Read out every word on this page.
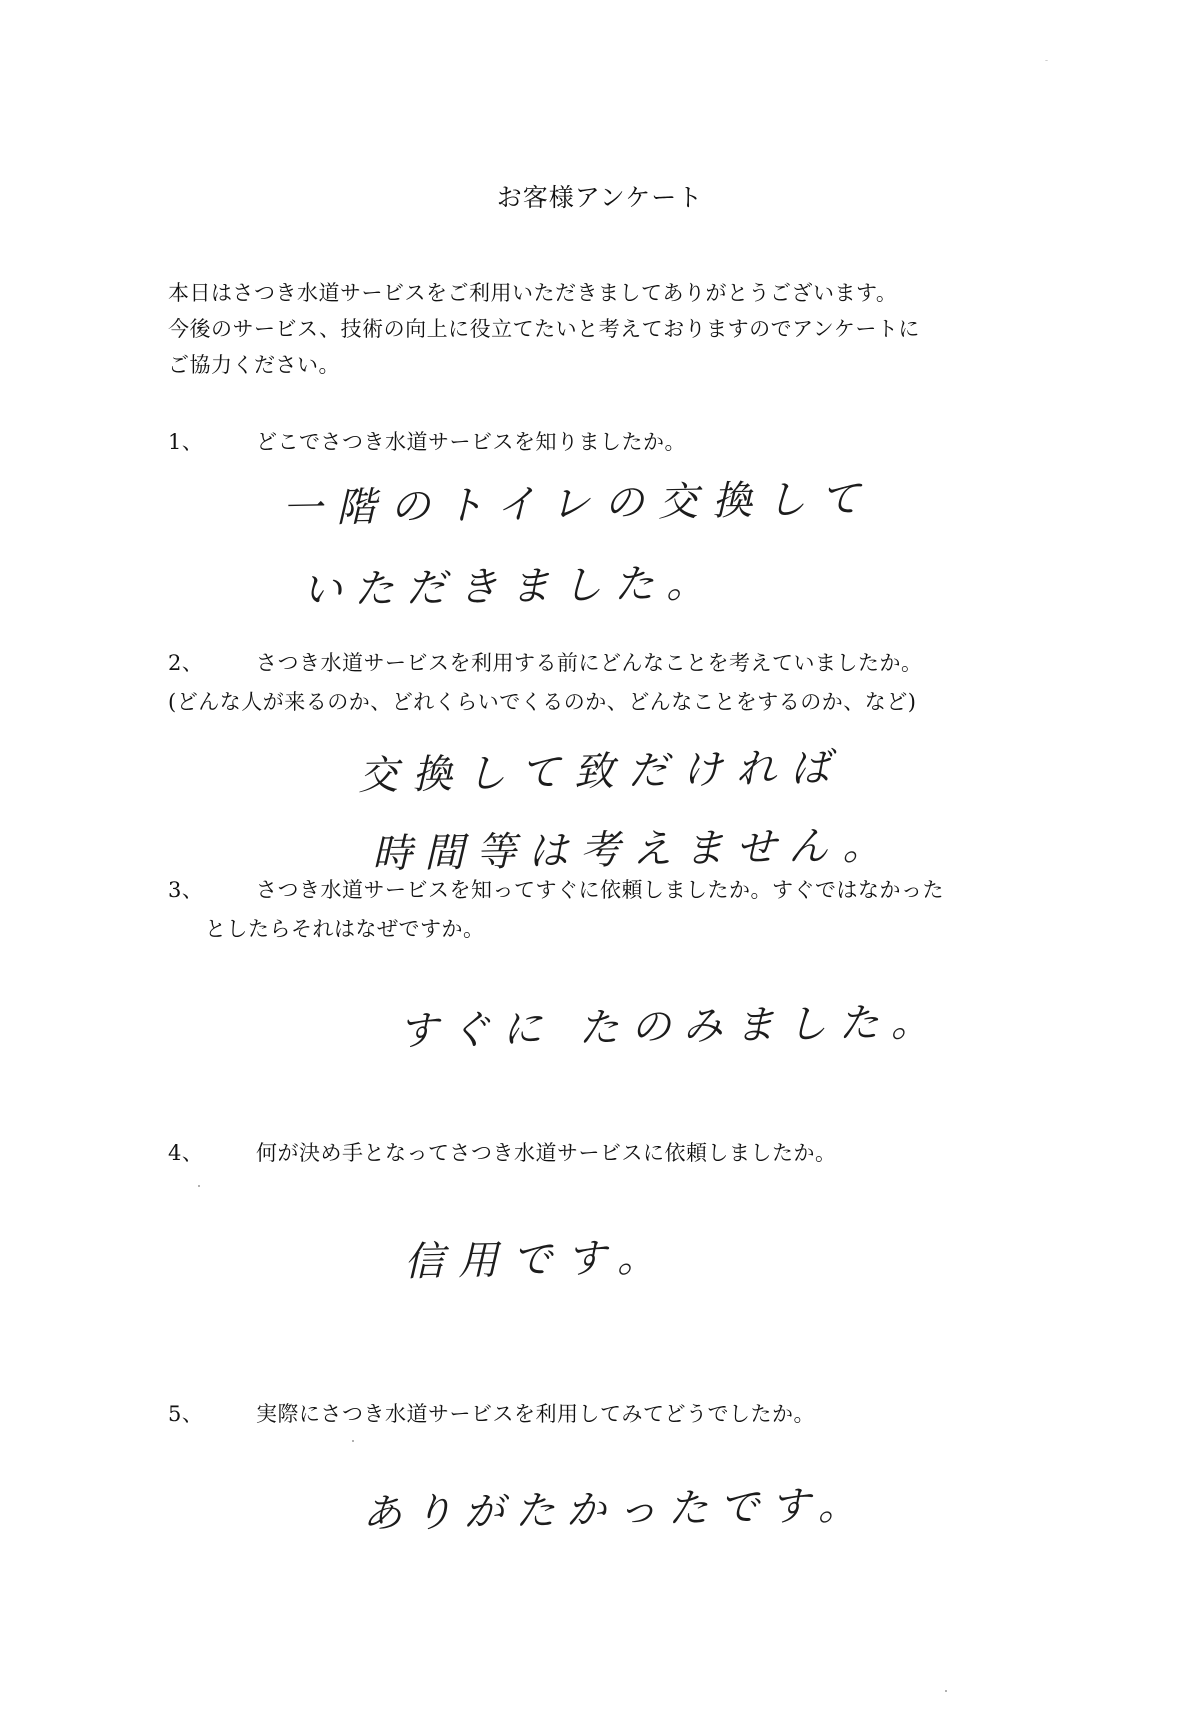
お客様アンケート
本日はさつき水道サービスをご利用いただきましてありがとうございます。
今後のサービス、技術の向上に役立てたいと考えておりますのでアンケートに
ご協力ください。
1、	どこでさつき水道サービスを知りましたか。
一階のトイレの交換して
いただきました。
2、	さつき水道サービスを利用する前にどんなことを考えていましたか。
(どんな人が来るのか、どれくらいでくるのか、どんなことをするのか、など)
交換して致だければ
時間等は考えません。
3、	さつき水道サービスを知ってすぐに依頼しましたか。すぐではなかった
としたらそれはなぜですか。
すぐに たのみました。
4、	何が決め手となってさつき水道サービスに依頼しましたか。
信用です。
5、	実際にさつき水道サービスを利用してみてどうでしたか。
ありがたかったです。
